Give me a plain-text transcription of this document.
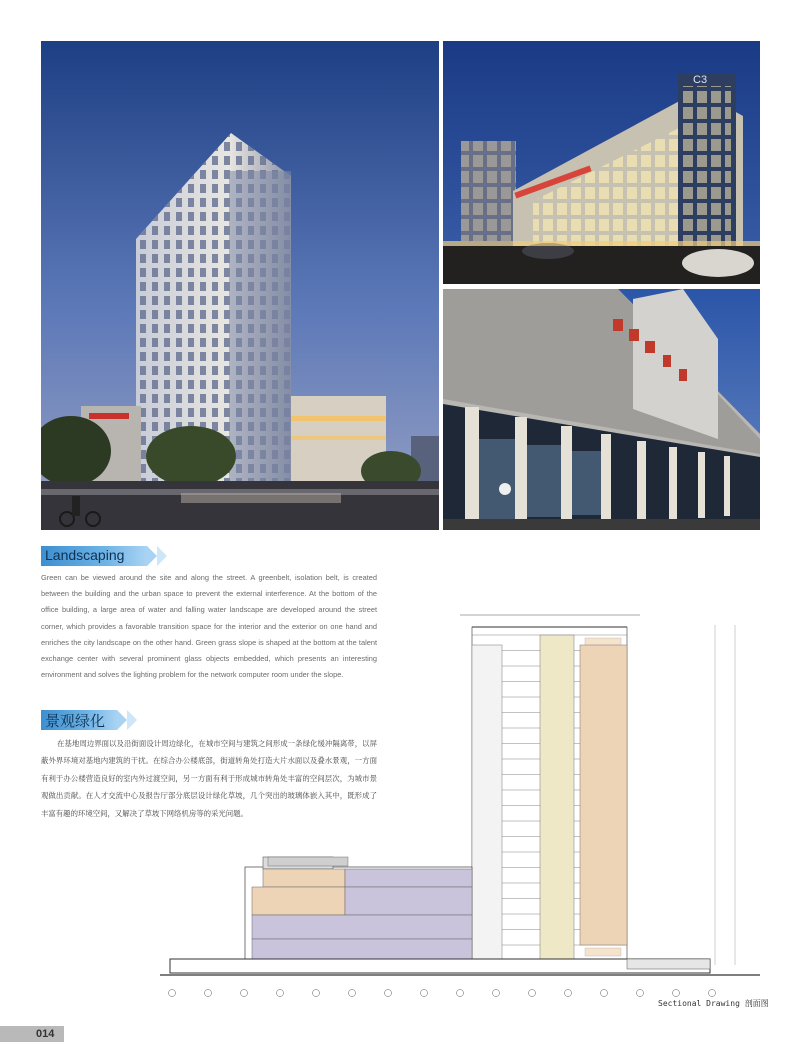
C3
Landscaping
Green can be viewed around the site and along the street. A greenbelt, isolation belt, is created between the building and the urban space to prevent the external interference. At the bottom of the office building, a large area of water and falling water landscape are developed around the street corner, which provides a favorable transition space for the interior and the exterior on one hand and enriches the city landscape on the other hand. Green grass slope is shaped at the bottom at the talent exchange center with several prominent glass objects embedded, which presents an interesting environment and solves the lighting problem for the network computer room under the slope.
景观绿化
在基地周边界面以及沿街面设计周边绿化，在城市空间与建筑之间形成一条绿化缓冲隔离带，以屏蔽外界环境对基地内建筑的干扰。在综合办公楼底部，街道转角处打造大片水面以及叠水景观，一方面有利于办公楼营造良好的室内外过渡空间，另一方面有利于形成城市转角处丰富的空间层次，为城市景观做出贡献。在人才交流中心及报告厅部分底层设计绿化草坡，几个突出的玻璃体嵌入其中，既形成了丰富有趣的环境空间，又解决了草坡下网络机房等的采光问题。
Sectional Drawing 剖面图
014
